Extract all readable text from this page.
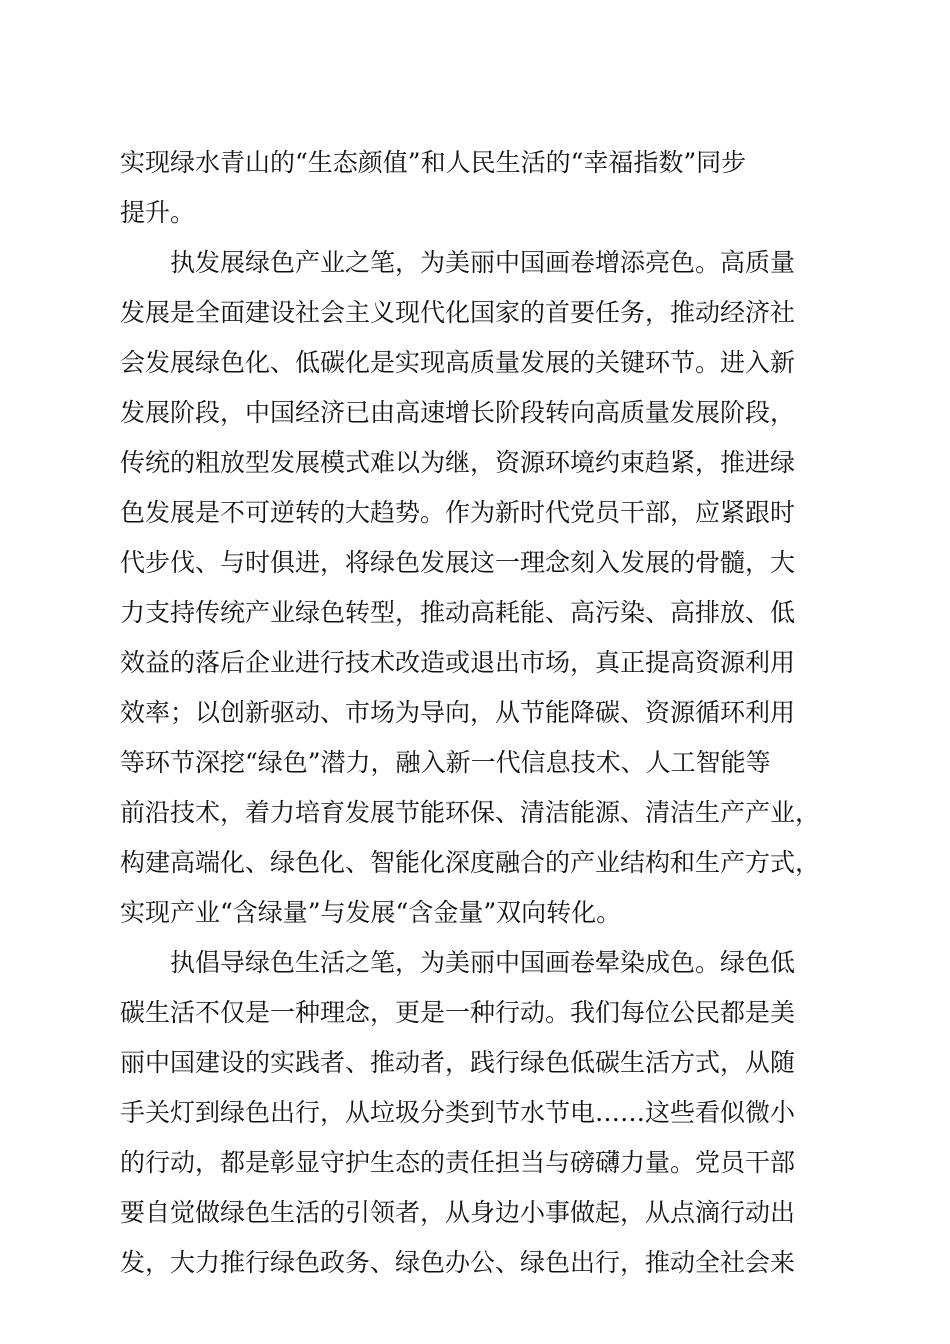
实现绿水青山的“生态颜值”和人民生活的“幸福指数”同步
提升。
　　执发展绿色产业之笔，为美丽中国画卷增添亮色。高质量
发展是全面建设社会主义现代化国家的首要任务，推动经济社
会发展绿色化、低碳化是实现高质量发展的关键环节。进入新
发展阶段，中国经济已由高速增长阶段转向高质量发展阶段，
传统的粗放型发展模式难以为继，资源环境约束趋紧，推进绿
色发展是不可逆转的大趋势。作为新时代党员干部，应紧跟时
代步伐、与时俱进，将绿色发展这一理念刻入发展的骨髓，大
力支持传统产业绿色转型，推动高耗能、高污染、高排放、低
效益的落后企业进行技术改造或退出市场，真正提高资源利用
效率；以创新驱动、市场为导向，从节能降碳、资源循环利用
等环节深挖“绿色”潜力，融入新一代信息技术、人工智能等
前沿技术，着力培育发展节能环保、清洁能源、清洁生产产业，
构建高端化、绿色化、智能化深度融合的产业结构和生产方式，
实现产业“含绿量”与发展“含金量”双向转化。
　　执倡导绿色生活之笔，为美丽中国画卷晕染成色。绿色低
碳生活不仅是一种理念，更是一种行动。我们每位公民都是美
丽中国建设的实践者、推动者，践行绿色低碳生活方式，从随
手关灯到绿色出行，从垃圾分类到节水节电……这些看似微小
的行动，都是彰显守护生态的责任担当与磅礴力量。党员干部
要自觉做绿色生活的引领者，从身边小事做起，从点滴行动出
发，大力推行绿色政务、绿色办公、绿色出行，推动全社会来
